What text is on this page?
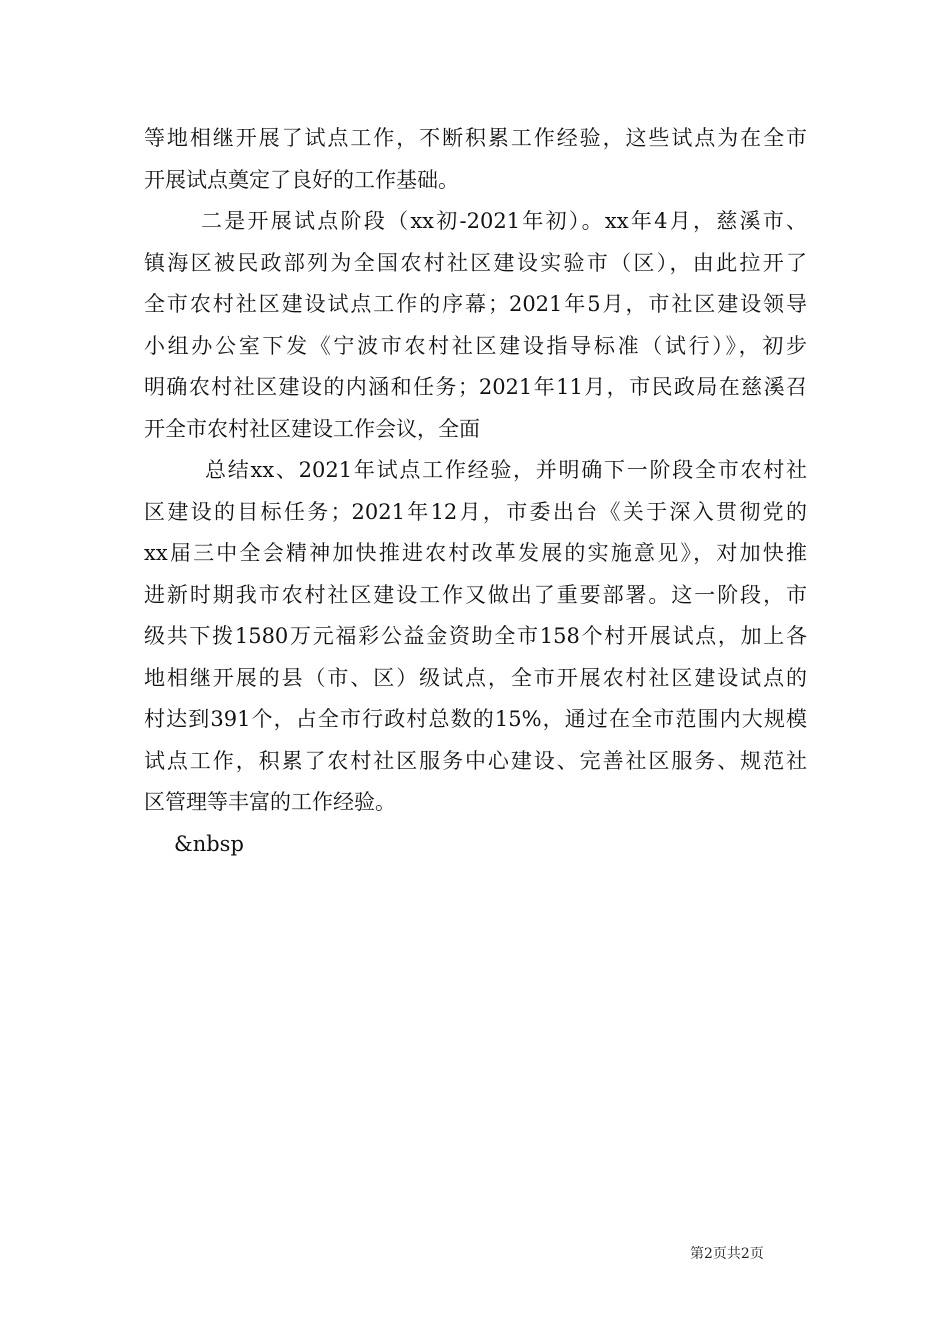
等地相继开展了试点工作，不断积累工作经验，这些试点为在全市
开展试点奠定了良好的工作基础。
二是开展试点阶段（xx初-2021年初）。xx年4月，慈溪市、
镇海区被民政部列为全国农村社区建设实验市（区），由此拉开了
全市农村社区建设试点工作的序幕；2021年5月，市社区建设领导
小组办公室下发《宁波市农村社区建设指导标准（试行）》，初步
明确农村社区建设的内涵和任务；2021年11月，市民政局在慈溪召
开全市农村社区建设工作会议，全面
总结xx、2021年试点工作经验，并明确下一阶段全市农村社
区建设的目标任务；2021年12月，市委出台《关于深入贯彻党的
xx届三中全会精神加快推进农村改革发展的实施意见》，对加快推
进新时期我市农村社区建设工作又做出了重要部署。这一阶段，市
级共下拨1580万元福彩公益金资助全市158个村开展试点，加上各
地相继开展的县（市、区）级试点，全市开展农村社区建设试点的
村达到391个，占全市行政村总数的15%，通过在全市范围内大规模
试点工作，积累了农村社区服务中心建设、完善社区服务、规范社
区管理等丰富的工作经验。
&nbsp
第2页共2页
